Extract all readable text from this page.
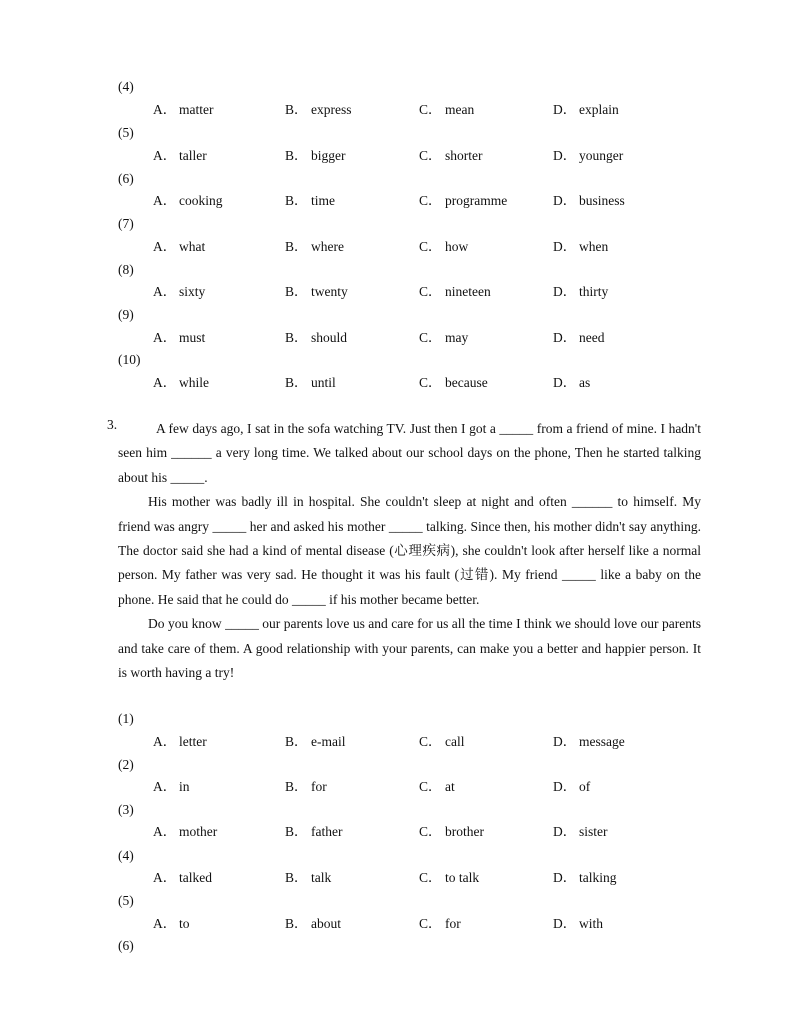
(4)
A． matter	B． express	C． mean	D． explain
(5)
A． taller	B． bigger	C． shorter	D． younger
(6)
A． cooking	B． time	C． programme	D． business
(7)
A． what	B． where	C． how	D． when
(8)
A． sixty	B． twenty	C． nineteen	D． thirty
(9)
A． must	B． should	C． may	D． need
(10)
A． while	B． until	C． because	D． as
3.	A few days ago, I sat in the sofa watching TV. Just then I got a _____ from a friend of mine. I hadn't seen him ______ a very long time. We talked about our school days on the phone, Then he started talking about his _____.

His mother was badly ill in hospital. She couldn't sleep at night and often ______ to himself. My friend was angry _____ her and asked his mother _____ talking. Since then, his mother didn't say anything. The doctor said she had a kind of mental disease (心理疾病), she couldn't look after herself like a normal person. My father was very sad. He thought it was his fault (过错). My friend _____ like a baby on the phone. He said that he could do _____ if his mother became better.

Do you know _____ our parents love us and care for us all the time I think we should love our parents and take care of them. A good relationship with your parents, can make you a better and happier person. It is worth having a try!

(1)
A． letter	B． e-mail	C． call	D． message
(2)
A． in	B． for	C． at	D． of
(3)
A． mother	B． father	C． brother	D． sister
(4)
A． talked	B． talk	C． to talk	D． talking
(5)
A． to	B． about	C． for	D． with
(6)
